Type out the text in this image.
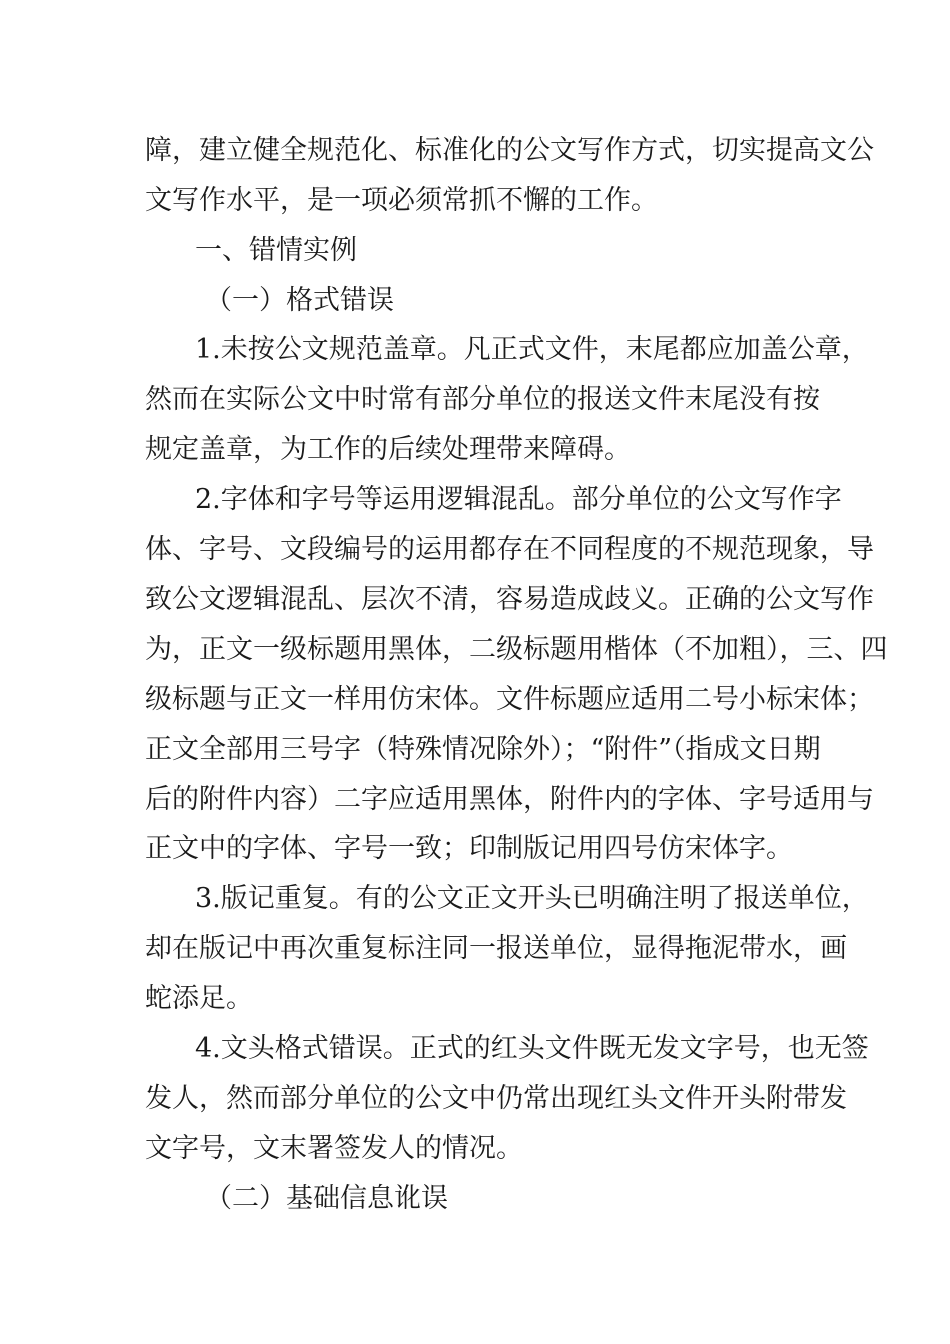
障，建立健全规范化、标准化的公文写作方式，切实提高文公
文写作水平，是一项必须常抓不懈的工作。
一、错情实例
（一）格式错误
1.未按公文规范盖章。凡正式文件，末尾都应加盖公章，
然而在实际公文中时常有部分单位的报送文件末尾没有按
规定盖章，为工作的后续处理带来障碍。
2.字体和字号等运用逻辑混乱。部分单位的公文写作字
体、字号、文段编号的运用都存在不同程度的不规范现象，导
致公文逻辑混乱、层次不清，容易造成歧义。正确的公文写作
为，正文一级标题用黑体，二级标题用楷体（不加粗），三、四
级标题与正文一样用仿宋体。文件标题应适用二号小标宋体；
正文全部用三号字（特殊情况除外）；“附件”（指成文日期
后的附件内容）二字应适用黑体，附件内的字体、字号适用与
正文中的字体、字号一致；印制版记用四号仿宋体字。
3.版记重复。有的公文正文开头已明确注明了报送单位，
却在版记中再次重复标注同一报送单位，显得拖泥带水，画
蛇添足。
4.文头格式错误。正式的红头文件既无发文字号，也无签
发人，然而部分单位的公文中仍常出现红头文件开头附带发
文字号，文末署签发人的情况。
（二）基础信息讹误
